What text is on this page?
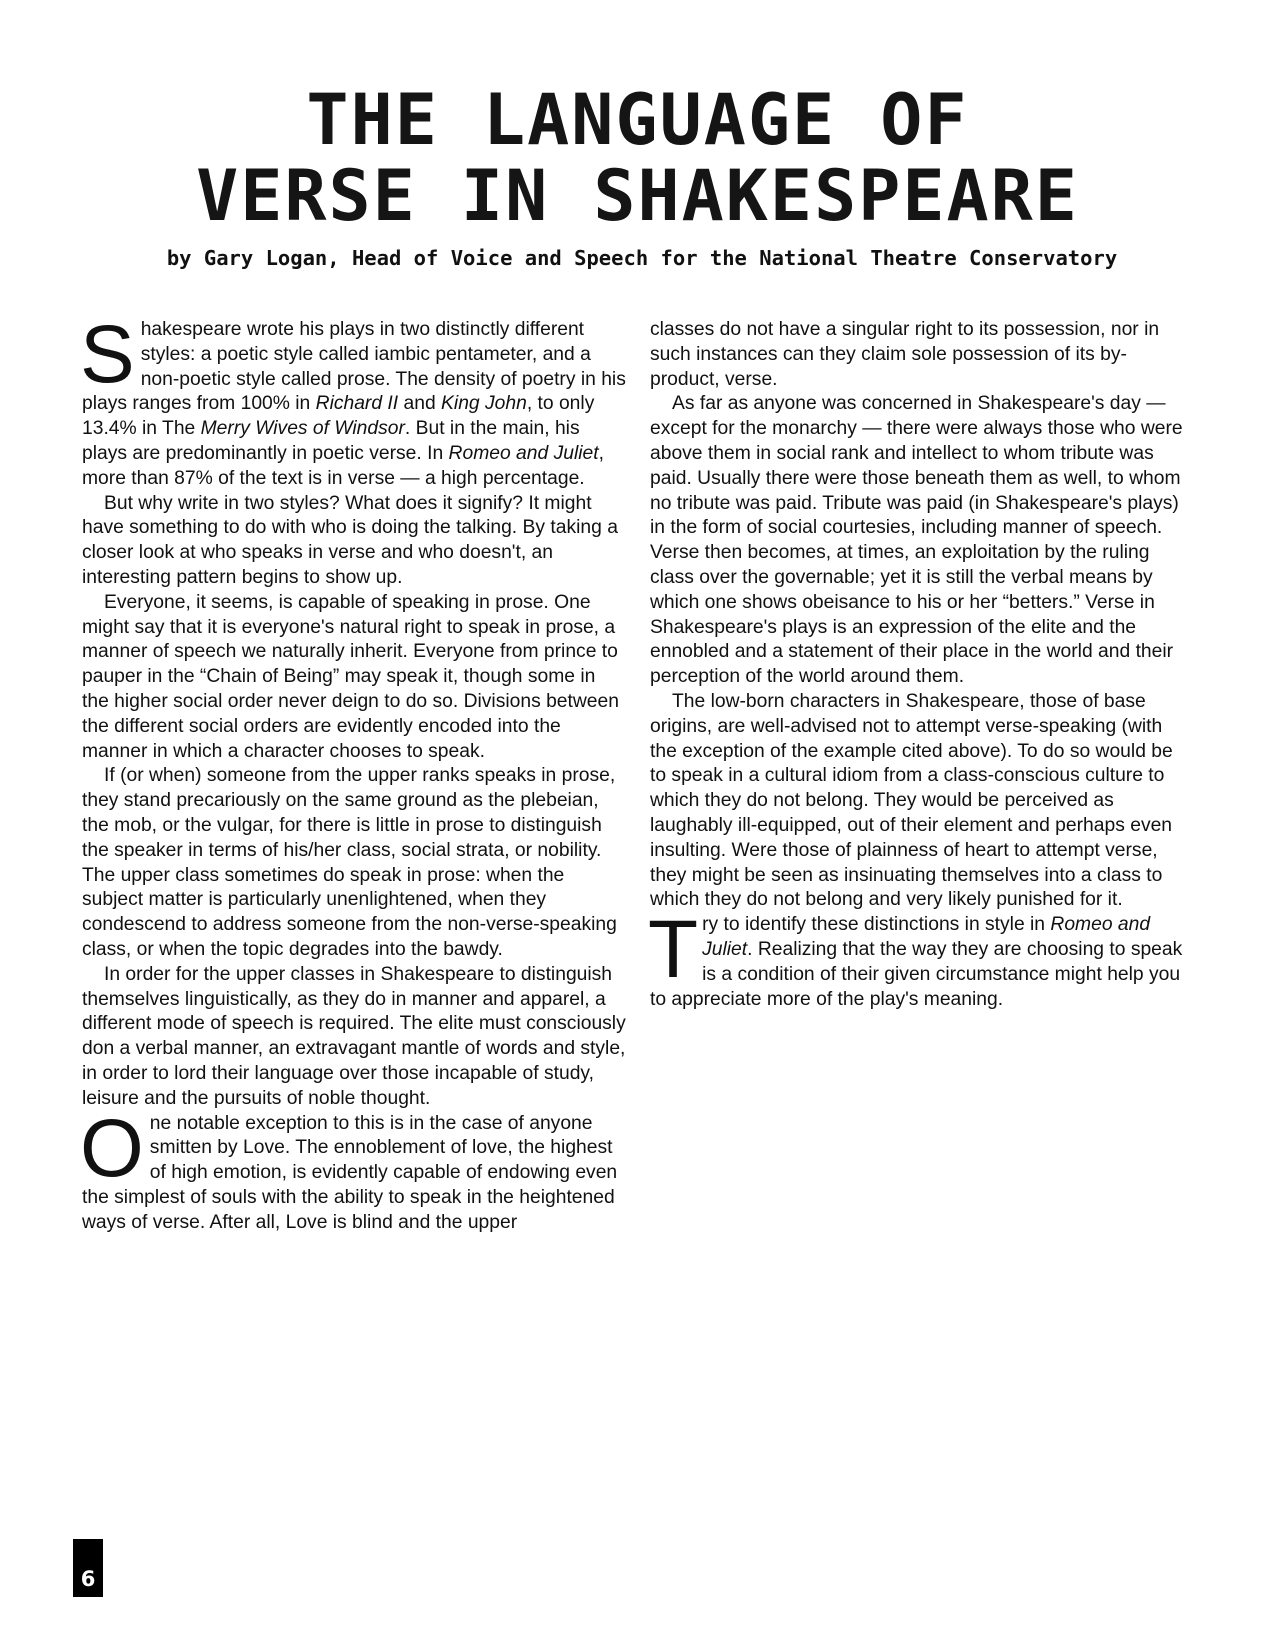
THE LANGUAGE OF
VERSE IN SHAKESPEARE

by Gary Logan, Head of Voice and Speech for the National Theatre Conservatory

Shakespeare wrote his plays in two distinctly different styles: a poetic style called iambic pentameter, and a non-poetic style called prose. The density of poetry in his plays ranges from 100% in Richard II and King John, to only 13.4% in The Merry Wives of Windsor. But in the main, his plays are predominantly in poetic verse. In Romeo and Juliet, more than 87% of the text is in verse — a high percentage.

But why write in two styles? What does it signify? It might have something to do with who is doing the talking. By taking a closer look at who speaks in verse and who doesn't, an interesting pattern begins to show up.

Everyone, it seems, is capable of speaking in prose. One might say that it is everyone's natural right to speak in prose, a manner of speech we naturally inherit. Everyone from prince to pauper in the “Chain of Being” may speak it, though some in the higher social order never deign to do so. Divisions between the different social orders are evidently encoded into the manner in which a character chooses to speak.

If (or when) someone from the upper ranks speaks in prose, they stand precariously on the same ground as the plebeian, the mob, or the vulgar, for there is little in prose to distinguish the speaker in terms of his/her class, social strata, or nobility. The upper class sometimes do speak in prose: when the subject matter is particularly unenlightened, when they condescend to address someone from the non-verse-speaking class, or when the topic degrades into the bawdy.

In order for the upper classes in Shakespeare to distinguish themselves linguistically, as they do in manner and apparel, a different mode of speech is required. The elite must consciously don a verbal manner, an extravagant mantle of words and style, in order to lord their language over those incapable of study, leisure and the pursuits of noble thought.

One notable exception to this is in the case of anyone smitten by Love. The ennoblement of love, the highest of high emotion, is evidently capable of endowing even the simplest of souls with the ability to speak in the heightened ways of verse. After all, Love is blind and the upper

classes do not have a singular right to its possession, nor in such instances can they claim sole possession of its by-product, verse.

As far as anyone was concerned in Shakespeare's day — except for the monarchy — there were always those who were above them in social rank and intellect to whom tribute was paid. Usually there were those beneath them as well, to whom no tribute was paid. Tribute was paid (in Shakespeare's plays) in the form of social courtesies, including manner of speech. Verse then becomes, at times, an exploitation by the ruling class over the governable; yet it is still the verbal means by which one shows obeisance to his or her “betters.” Verse in Shakespeare's plays is an expression of the elite and the ennobled and a statement of their place in the world and their perception of the world around them.

The low-born characters in Shakespeare, those of base origins, are well-advised not to attempt verse-speaking (with the exception of the example cited above). To do so would be to speak in a cultural idiom from a class-conscious culture to which they do not belong. They would be perceived as laughably ill-equipped, out of their element and perhaps even insulting. Were those of plainness of heart to attempt verse, they might be seen as insinuating themselves into a class to which they do not belong and very likely punished for it.

Try to identify these distinctions in style in Romeo and Juliet. Realizing that the way they are choosing to speak is a condition of their given circumstance might help you to appreciate more of the play's meaning.

6
